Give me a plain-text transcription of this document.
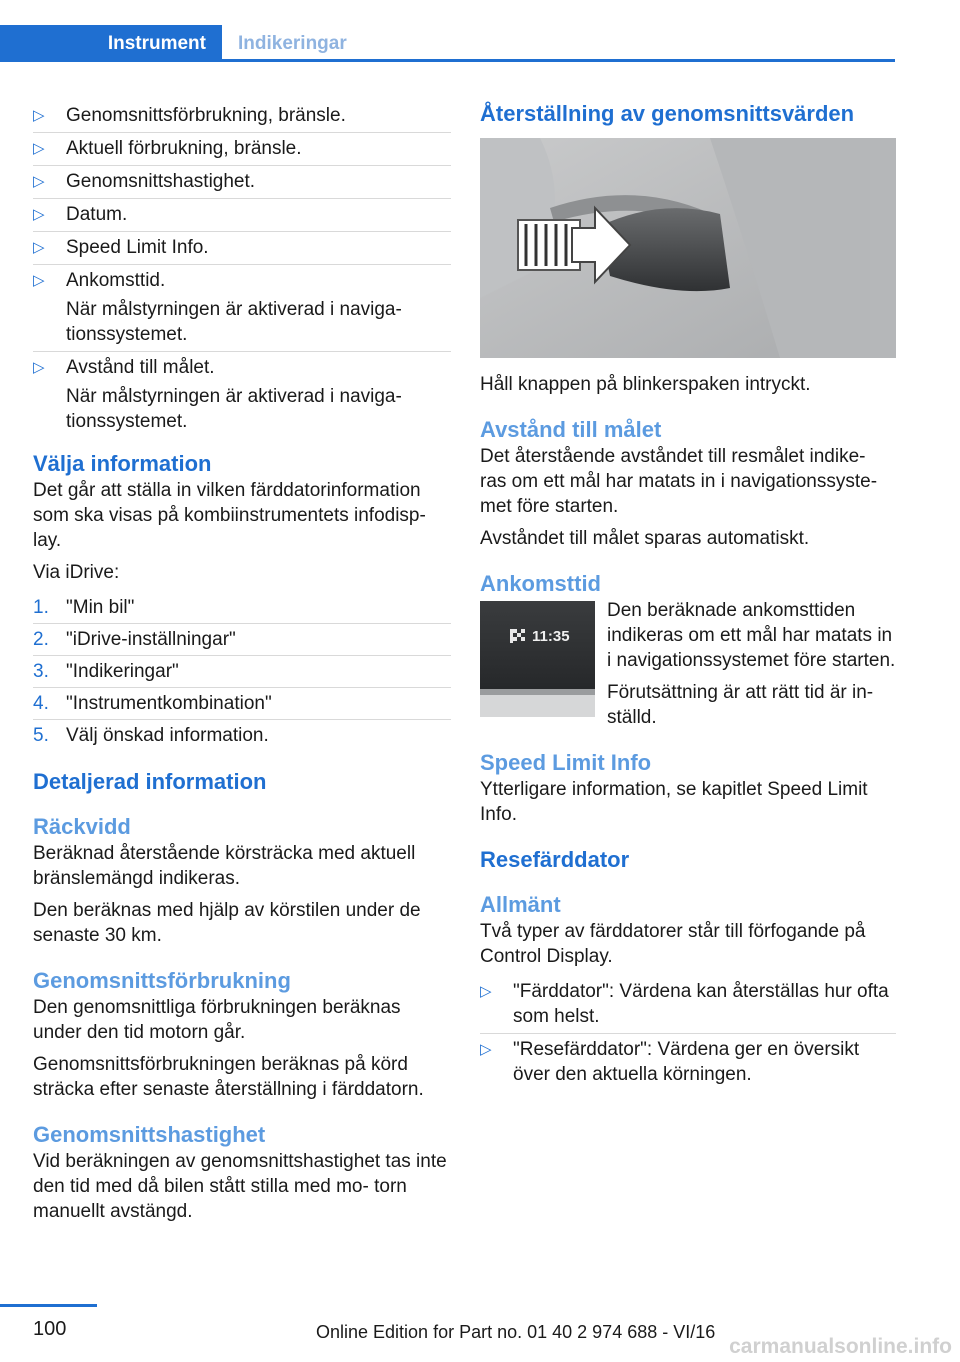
Instrument	Indikeringar
▷ Genomsnittsförbrukning, bränsle.
▷ Aktuell förbrukning, bränsle.
▷ Genomsnittshastighet.
▷ Datum.
▷ Speed Limit Info.
▷ Ankomsttid.
När målstyrningen är aktiverad i naviga‐ tionssystemet.
▷ Avstånd till målet.
När målstyrningen är aktiverad i naviga‐ tionssystemet.
Välja information

Det går att ställa in vilken färddatorinformation som ska visas på kombiinstrumentets infodisp‐ lay.

Via iDrive:

1. "Min bil"
2. "iDrive-inställningar"
3. "Indikeringar"
4. "Instrumentkombination"
5. Välj önskad information.
Detaljerad information
Räckvidd

Beräknad återstående körsträcka med aktuell bränslemängd indikeras.

Den beräknas med hjälp av körstilen under de senaste 30 km.

Genomsnittsförbrukning

Den genomsnittliga förbrukningen beräknas under den tid motorn går.

Genomsnittsförbrukningen beräknas på körd sträcka efter senaste återställning i färddatorn.

Genomsnittshastighet

Vid beräkningen av genomsnittshastighet tas inte den tid med då bilen stått stilla med mo‐ torn manuellt avstängd.

Återställning av genomsnittsvärden

Håll knappen på blinkerspaken intryckt.

Avstånd till målet

Det återstående avståndet till resmålet indike‐ ras om ett mål har matats in i navigationssyste‐ met före starten.

Avståndet till målet sparas automatiskt.

Ankomsttid
11:35

Den beräknade ankomsttiden indikeras om ett mål har matats in i navigationssystemet före starten.

Förutsättning är att rätt tid är in‐ ställd.

Speed Limit Info

Ytterligare information, se kapitlet Speed Limit Info.

Resefärddator
Allmänt

Två typer av färddatorer står till förfogande på Control Display.

▷ "Färddator": Värdena kan återställas hur ofta som helst.
▷ "Resefärddator": Värdena ger en översikt över den aktuella körningen.
100	Online Edition for Part no. 01 40 2 974 688 - VI/16
carmanualsonline.info
